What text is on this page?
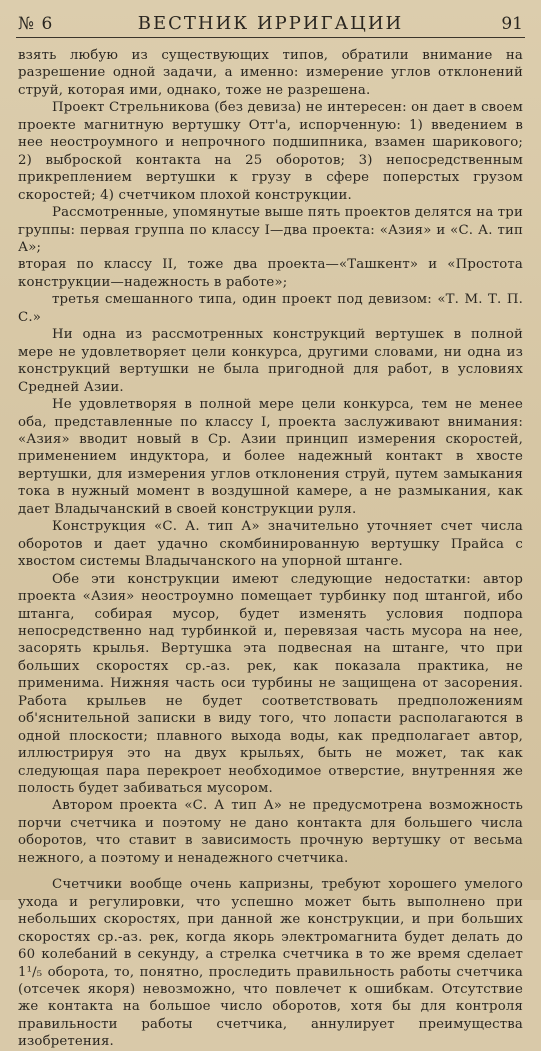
№ 6	ВЕСТНИК ИРРИГАЦИИ	91

взять любую из существующих типов, обратили внимание на разрешение одной задачи, а именно: измерение углов отклонений струй, которая ими, однако, тоже не разрешена.

Проект Стрельникова (без девиза) не интересен: он дает в своем проекте магнитную вертушку Отт'а, испорченную: 1) введением в нее неостроумного и непрочного подшипника, взамен шарикового; 2) выброской контакта на 25 оборотов; 3) непосредственным прикреплением вертушки к грузу в сфере поперстых грузом скоростей; 4) счетчиком плохой конструкции.

Рассмотренные, упомянутые выше пять проектов делятся на три группы: первая группа по классу I—два проекта: «Азия» и «С. А. тип А»;

вторая по классу II, тоже два проекта—«Ташкент» и «Простота конструкции—надежность в работе»;

третья смешанного типа, один проект под девизом: «Т. М. Т. П. С.»

Ни одна из рассмотренных конструкций вертушек в полной мере не удовлетворяет цели конкурса, другими словами, ни одна из конструкций вертушки не была пригодной для работ, в условиях Средней Азии.

Не удовлетворяя в полной мере цели конкурса, тем не менее оба, представленные по классу I, проекта заслуживают внимания: «Азия» вводит новый в Ср. Азии принцип измерения скоростей, применением индуктора, и более надежный контакт в хвосте вертушки, для измерения углов отклонения струй, путем замыкания тока в нужный момент в воздушной камере, а не размыкания, как дает Владычанский в своей конструкции руля.

Конструкция «С. А. тип А» значительно уточняет счет числа оборотов и дает удачно скомбинированную вертушку Прайса с хвостом системы Владычанского на упорной штанге.

Обе эти конструкции имеют следующие недостатки: автор проекта «Азия» неостроумно помещает турбинку под штангой, ибо штанга, собирая мусор, будет изменять условия подпора непосредственно над турбинкой и, перевязая часть мусора на нее, засорять крылья. Вертушка эта подвесная на штанге, что при больших скоростях ср.-аз. рек, как показала практика, не применима. Нижняя часть оси турбины не защищена от засорения. Работа крыльев не будет соответствовать предположениям об'яснительной записки в виду того, что лопасти располагаются в одной плоскости; плавного выхода воды, как предполагает автор, иллюстрируя это на двух крыльях, быть не может, так как следующая пара перекроет необходимое отверстие, внутренняя же полость будет забиваться мусором.

Автором проекта «С. А тип А» не предусмотрена возможность порчи счетчика и поэтому не дано контакта для большего числа оборотов, что ставит в зависимость прочную вертушку от весьма нежного, а поэтому и ненадежного счетчика.

Счетчики вообще очень капризны, требуют хорошего умелого ухода и регулировки, что успешно может быть выполнено при небольших скоростях, при данной же конструкции, и при больших скоростях ср.-аз. рек, когда якорь электромагнита будет делать до 60 колебаний в секунду, а стрелка счетчика в то же время сделает 1¹/₅ оборота, то, понятно, проследить правильность работы счетчика (отсечек якоря) невозможно, что повлечет к ошибкам. Отсутствие же контакта на большое число оборотов, хотя бы для контроля правильности работы счетчика, аннулирует преимущества изобретения.
